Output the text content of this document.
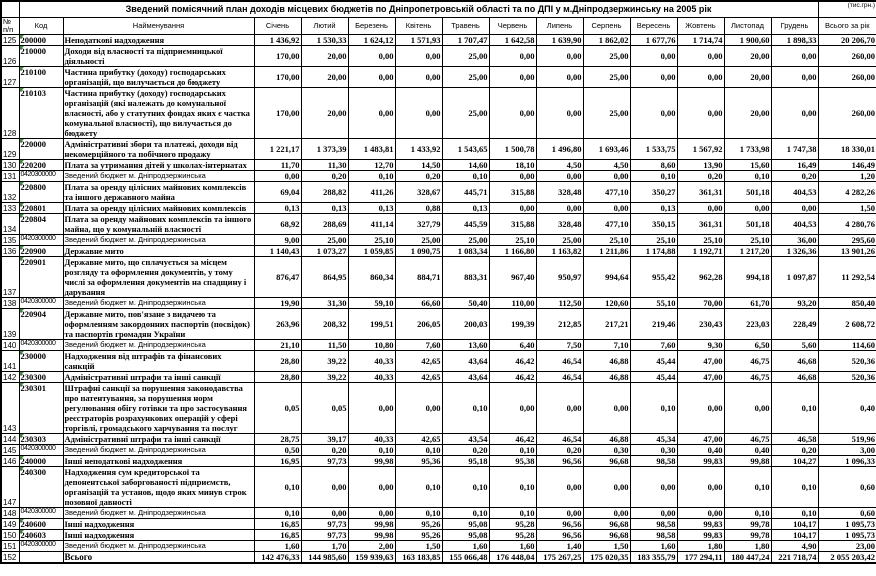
	Зведений помісячний план доходів місцевих бюджетів по Дніпропетровській області та по ДПІ у м.Дніпродзержинську на 2005 рік														(тис.грн.)
№ п/п	Код	Найменування	Січень	Лютий	Березень	Квітень	Травень	Червень	Липень	Серпень	Вересень	Жовтень	Листопад	Грудень	Всього за рік
125	200000	Неподаткові надходження	1 436,92	1 530,33	1 624,12	1 571,93	1 707,47	1 642,58	1 639,90	1 862,02	1 677,76	1 714,74	1 900,60	1 898,33	20 206,70
126	210000	Доходи від власності та підприємницької діяльності	170,00	20,00	0,00	0,00	25,00	0,00	0,00	25,00	0,00	0,00	20,00	0,00	260,00
127	210100	Частина прибутку (доходу) господарських організацій, що вилучається до бюджету	170,00	20,00	0,00	0,00	25,00	0,00	0,00	25,00	0,00	0,00	20,00	0,00	260,00
128	210103	Частина прибутку (доходу) господарських організацій (які належать до комунальної власності, або у статутних фондах яких є частка комунальної власності), що вилучається до бюджету	170,00	20,00	0,00	0,00	25,00	0,00	0,00	25,00	0,00	0,00	20,00	0,00	260,00
129	220000	Адміністративні збори та платежі, доходи від некомерційного та побічного продажу	1 221,17	1 373,39	1 483,81	1 433,92	1 543,65	1 500,78	1 496,80	1 693,46	1 533,75	1 567,92	1 733,98	1 747,38	18 330,01
130	220200	Плата за утримання дітей у школах-інтернатах	11,70	11,30	12,70	14,50	14,60	18,10	4,50	4,50	8,60	13,90	15,60	16,49	146,49
131	0420300000	Зведений бюджет м. Дніпродзержинська	0,00	0,20	0,10	0,20	0,10	0,00	0,00	0,00	0,10	0,20	0,10	0,20	1,20
132	220800	Плата за оренду цілісних майнових комплексів та іншого державного майна	69,04	288,82	411,26	328,67	445,71	315,88	328,48	477,10	350,27	361,31	501,18	404,53	4 282,26
133	220801	Плата за оренду цілісних майнових комплексів	0,13	0,13	0,13	0,88	0,13	0,00	0,00	0,00	0,13	0,00	0,00	0,00	1,50
134	220804	Плата за оренду майнових комплексів та іншого майна, що у комунальній власності	68,92	288,69	411,14	327,79	445,59	315,88	328,48	477,10	350,15	361,31	501,18	404,53	4 280,76
135	0420300000	Зведений бюджет м. Дніпродзержинська	9,00	25,00	25,10	25,00	25,00	25,10	25,00	25,10	25,10	25,10	25,10	36,00	295,60
136	220900	Державне мито	1 140,43	1 073,27	1 059,85	1 090,75	1 083,34	1 166,80	1 163,82	1 211,86	1 174,88	1 192,71	1 217,20	1 326,36	13 901,26
137	220901	Державне мито, що сплачується за місцем розгляду та оформлення документів, у тому числі за оформлення документів на спадщину і дарування	876,47	864,95	860,34	884,71	883,31	967,40	950,97	994,64	955,42	962,28	994,18	1 097,87	11 292,54
138	0420300000	Зведений бюджет м. Дніпродзержинська	19,90	31,30	59,10	66,60	50,40	110,00	112,50	120,60	55,10	70,00	61,70	93,20	850,40
139	220904	Державне мито, пов'язане з видачею та оформленням закордонних паспортів (посвідок) та паспортів громадян України	263,96	208,32	199,51	206,05	200,03	199,39	212,85	217,21	219,46	230,43	223,03	228,49	2 608,72
140	0420300000	Зведений бюджет м. Дніпродзержинська	21,10	11,50	10,80	7,60	13,60	6,40	7,50	7,10	7,60	9,30	6,50	5,60	114,60
141	230000	Надходження від штрафів та фінансових санкцій	28,80	39,22	40,33	42,65	43,64	46,42	46,54	46,88	45,44	47,00	46,75	46,68	520,36
142	230300	Адміністративні штрафи та інші санкції	28,80	39,22	40,33	42,65	43,64	46,42	46,54	46,88	45,44	47,00	46,75	46,68	520,36
143	230301	Штрафні санкції за порушення законодавства про патентування, за порушення норм регулювання обігу готівки та про застосування реєстраторів розрахункових операцій у сфері торгівлі, громадського харчування та послуг	0,05	0,05	0,00	0,00	0,10	0,00	0,00	0,00	0,10	0,00	0,00	0,10	0,40
144	230303	Адміністративні штрафи та інші санкції	28,75	39,17	40,33	42,65	43,54	46,42	46,54	46,88	45,34	47,00	46,75	46,58	519,96
145	0420300000	Зведений бюджет м. Дніпродзержинська	0,50	0,20	0,10	0,10	0,20	0,10	0,20	0,30	0,30	0,40	0,40	0,20	3,00
146	240000	Інші неподаткові надходження	16,95	97,73	99,98	95,36	95,18	95,38	96,56	96,68	98,58	99,83	99,88	104,27	1 096,33
147	240300	Надходження сум кредиторської та депонентської заборгованості підприємств, організацій та установ, щодо яких минув строк позовної давності	0,10	0,00	0,00	0,10	0,10	0,10	0,00	0,00	0,00	0,00	0,10	0,10	0,60
148	0420300000	Зведений бюджет м. Дніпродзержинська	0,10	0,00	0,00	0,10	0,10	0,10	0,00	0,00	0,00	0,00	0,10	0,10	0,60
149	240600	Інші надходження	16,85	97,73	99,98	95,26	95,08	95,28	96,56	96,68	98,58	99,83	99,78	104,17	1 095,73
150	240603	Інші надходження	16,85	97,73	99,98	95,26	95,08	95,28	96,56	96,68	98,58	99,83	99,78	104,17	1 095,73
151	0420300000	Зведений бюджет м. Дніпродзержинська	1,60	1,70	2,00	1,50	1,60	1,60	1,40	1,50	1,60	1,80	1,80	4,90	23,00
152		Всього	142 476,33	144 985,60	159 939,63	163 183,85	155 066,48	176 448,04	175 267,25	175 020,35	183 355,79	177 294,11	180 447,24	221 718,74	2 055 203,42
